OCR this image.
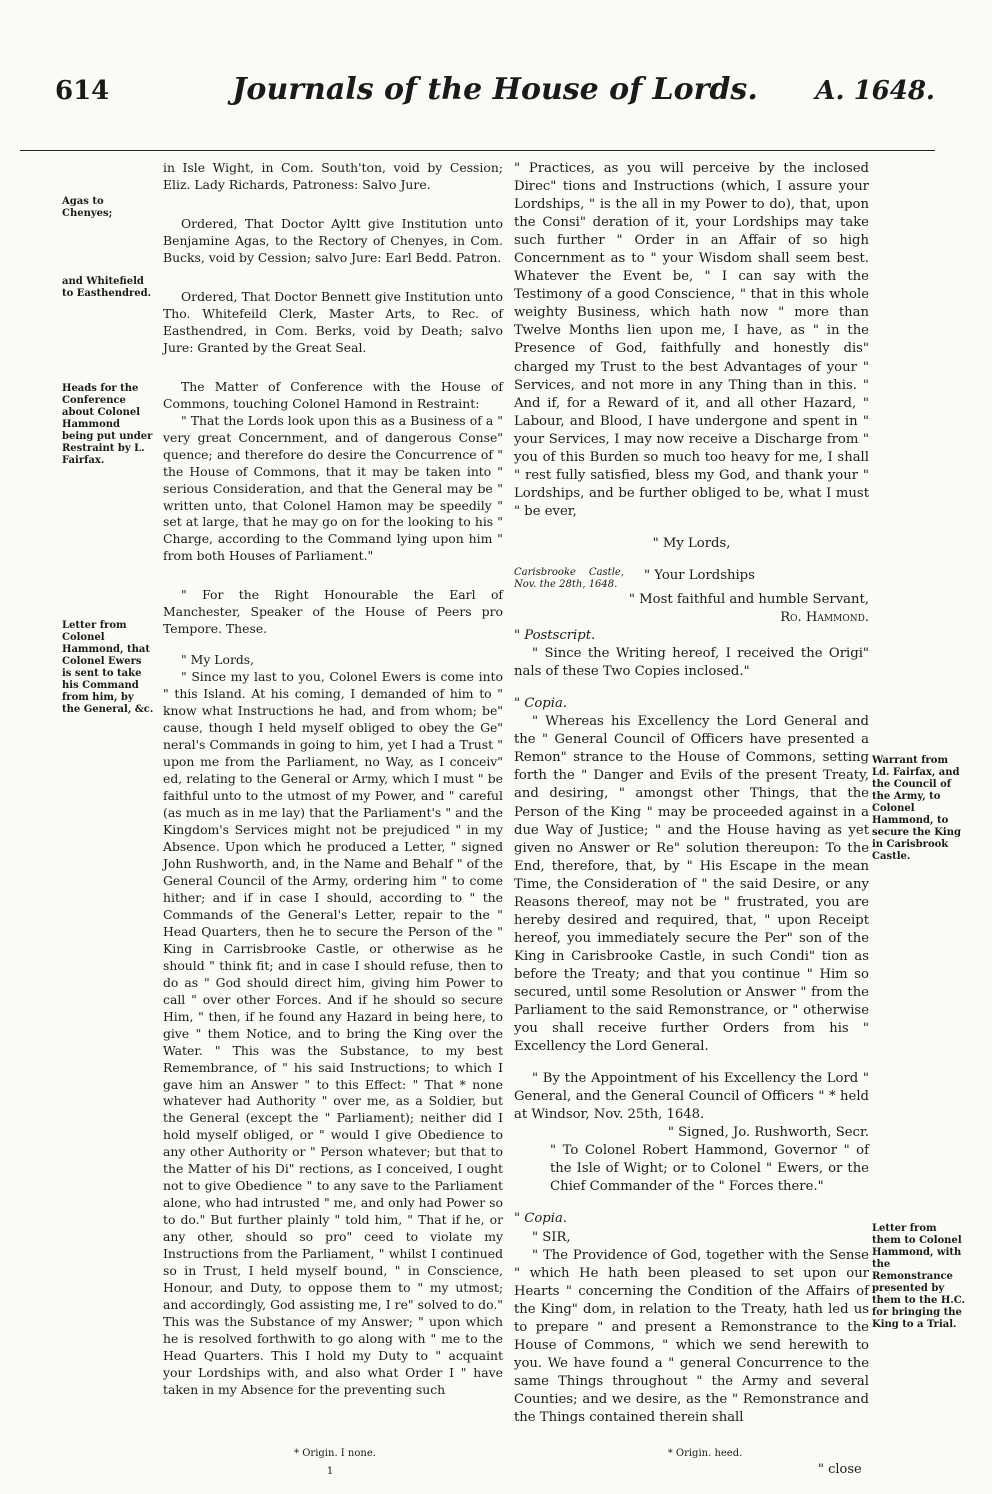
614	Journals of the House of Lords.	A. 1648.
Agas to Chenyes;
and Whitefield to Easthendred.
Heads for the Conference about Colonel Hammond being put under Restraint by L. Fairfax.
Letter from Colonel Hammond, that Colonel Ewers is sent to take his Command from him, by the General, &c.
Warrant from Ld. Fairfax, and the Council of the Army, to Colonel Hammond, to secure the King in Carisbrook Castle.
Letter from them to Colonel Hammond, with the Remonstrance presented by them to the H.C. for bringing the King to a Trial.

in Isle Wight, in Com. South'ton, void by Cession; Eliz. Lady Richards, Patroness: Salvo Jure.

Ordered, That Doctor Ayltt give Institution unto Benjamine Agas, to the Rectory of Chenyes, in Com. Bucks, void by Cession; salvo Jure: Earl Bedd. Patron.

Ordered, That Doctor Bennett give Institution unto Tho. Whitefeild Clerk, Master Arts, to Rec. of Easthendred, in Com. Berks, void by Death; salvo Jure: Granted by the Great Seal.

The Matter of Conference with the House of Commons, touching Colonel Hamond in Restraint:

" That the Lords look upon this as a Business of a " very great Concernment, and of dangerous Conse" quence; and therefore do desire the Concurrence of " the House of Commons, that it may be taken into " serious Consideration, and that the General may be " written unto, that Colonel Hamon may be speedily " set at large, that he may go on for the looking to his " Charge, according to the Command lying upon him " from both Houses of Parliament."

" For the Right Honourable the Earl of Manchester, Speaker of the House of Peers pro Tempore. These.

" My Lords,

" Since my last to you, Colonel Ewers is come into " this Island. At his coming, I demanded of him to " know what Instructions he had, and from whom; be" cause, though I held myself obliged to obey the Ge" neral's Commands in going to him, yet I had a Trust " upon me from the Parliament, no Way, as I conceiv" ed, relating to the General or Army, which I must " be faithful unto to the utmost of my Power, and " careful (as much as in me lay) that the Parliament's " and the Kingdom's Services might not be prejudiced " in my Absence. Upon which he produced a Letter, " signed John Rushworth, and, in the Name and Behalf " of the General Council of the Army, ordering him " to come hither; and if in case I should, according to " the Commands of the General's Letter, repair to the " Head Quarters, then he to secure the Person of the " King in Carrisbrooke Castle, or otherwise as he should " think fit; and in case I should refuse, then to do as " God should direct him, giving him Power to call " over other Forces. And if he should so secure Him, " then, if he found any Hazard in being here, to give " them Notice, and to bring the King over the Water. " This was the Substance, to my best Remembrance, of " his said Instructions; to which I gave him an Answer " to this Effect: " That * none whatever had Authority " over me, as a Soldier, but the General (except the " Parliament); neither did I hold myself obliged, or " would I give Obedience to any other Authority or " Person whatever; but that to the Matter of his Di" rections, as I conceived, I ought not to give Obedience " to any save to the Parliament alone, who had intrusted " me, and only had Power so to do." But further plainly " told him, " That if he, or any other, should so pro" ceed to violate my Instructions from the Parliament, " whilst I continued so in Trust, I held myself bound, " in Conscience, Honour, and Duty, to oppose them to " my utmost; and accordingly, God assisting me, I re" solved to do." This was the Substance of my Answer; " upon which he is resolved forthwith to go along with " me to the Head Quarters. This I hold my Duty to " acquaint your Lordships with, and also what Order I " have taken in my Absence for the preventing such

" Practices, as you will perceive by the inclosed Direc" tions and Instructions (which, I assure your Lordships, " is the all in my Power to do), that, upon the Consi" deration of it, your Lordships may take such further " Order in an Affair of so high Concernment as to " your Wisdom shall seem best. Whatever the Event be, " I can say with the Testimony of a good Conscience, " that in this whole weighty Business, which hath now " more than Twelve Months lien upon me, I have, as " in the Presence of God, faithfully and honestly dis" charged my Trust to the best Advantages of your " Services, and not more in any Thing than in this. " And if, for a Reward of it, and all other Hazard, " Labour, and Blood, I have undergone and spent in " your Services, I may now receive a Discharge from " you of this Burden so much too heavy for me, I shall " rest fully satisfied, bless my God, and thank your " Lordships, and be further obliged to be, what I must " be ever,

" My Lords,

Carisbrooke Castle, Nov. the 28th, 1648.

" Your Lordships

" Most faithful and humble Servant,

Ro. Hammond.

" Postscript.

" Since the Writing hereof, I received the Origi" nals of these Two Copies inclosed."

" Copia.

" Whereas his Excellency the Lord General and the " General Council of Officers have presented a Remon" strance to the House of Commons, setting forth the " Danger and Evils of the present Treaty, and desiring, " amongst other Things, that the Person of the King " may be proceeded against in a due Way of Justice; " and the House having as yet given no Answer or Re" solution thereupon: To the End, therefore, that, by " His Escape in the mean Time, the Consideration of " the said Desire, or any Reasons thereof, may not be " frustrated, you are hereby desired and required, that, " upon Receipt hereof, you immediately secure the Per" son of the King in Carisbrooke Castle, in such Condi" tion as before the Treaty; and that you continue " Him so secured, until some Resolution or Answer " from the Parliament to the said Remonstrance, or " otherwise you shall receive further Orders from his " Excellency the Lord General.

" By the Appointment of his Excellency the Lord " General, and the General Council of Officers " * held at Windsor, Nov. 25th, 1648.

" Signed, Jo. Rushworth, Secr.

" To Colonel Robert Hammond, Governor " of the Isle of Wight; or to Colonel " Ewers, or the Chief Commander of the " Forces there."

" Copia.

" SIR,

" The Providence of God, together with the Sense " which He hath been pleased to set upon our Hearts " concerning the Condition of the Affairs of the King" dom, in relation to the Treaty, hath led us to prepare " and present a Remonstrance to the House of Commons, " which we send herewith to you. We have found a " general Concurrence to the same Things throughout " the Army and several Counties; and we desire, as the " Remonstrance and the Things contained therein shall

* Origin. I none.
1
* Origin. heed.
" close
